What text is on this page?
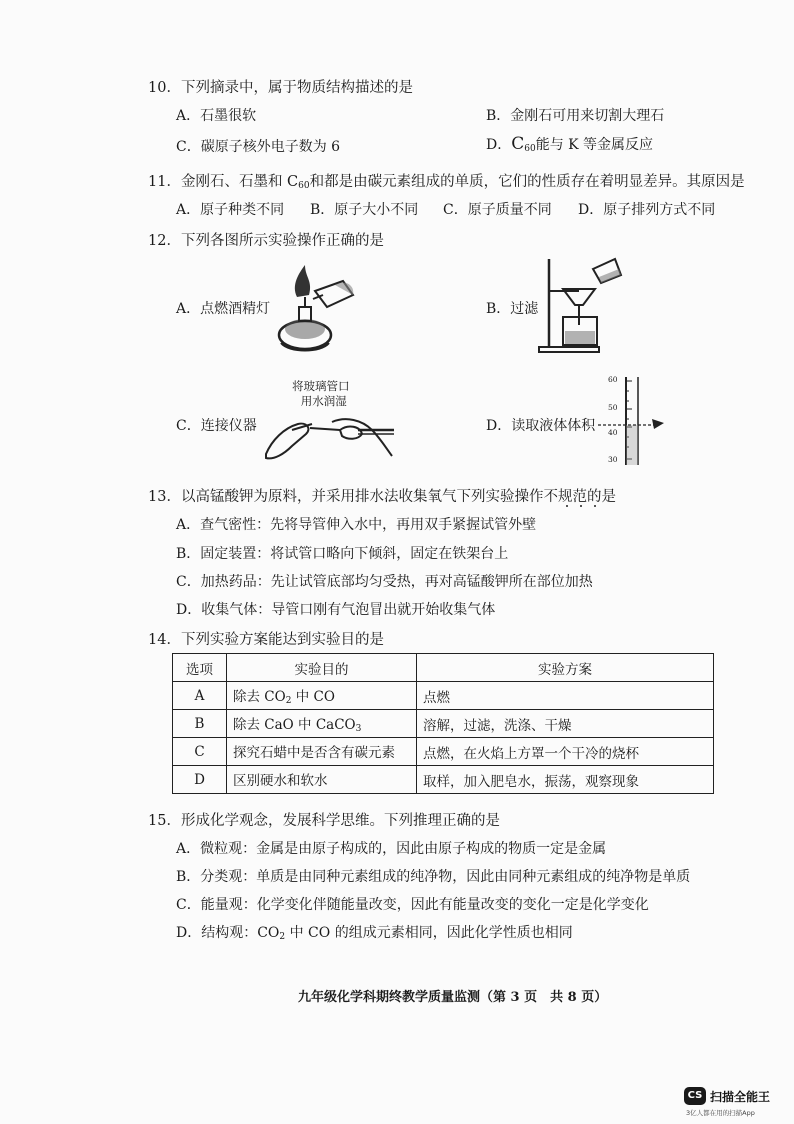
10．下列摘录中，属于物质结构描述的是
A．石墨很软	B．金刚石可用来切割大理石
C．碳原子核外电子数为 6	D．$C_{60}$能与 K 等金属反应
11．金刚石、石墨和 $C_{60}$和都是由碳元素组成的单质，它们的性质存在着明显差异。其原因是
A．原子种类不同 B．原子大小不同 C．原子质量不同 D．原子排列方式不同
12．下列各图所示实验操作正确的是
A．点燃酒精灯	B．过滤
C．连接仪器	D．读取液体体积
将玻璃管口
用水润湿
60
50
40
30
13．以高锰酸钾为原料，并采用排水法收集氧气下列实验操作不规范的是
A．查气密性：先将导管伸入水中，再用双手紧握试管外壁
B．固定装置：将试管口略向下倾斜，固定在铁架台上
C．加热药品：先让试管底部均匀受热，再对高锰酸钾所在部位加热
D．收集气体：导管口刚有气泡冒出就开始收集气体
14．下列实验方案能达到实验目的是
选项	实验目的	实验方案
A	除去 $CO_2$ 中 CO	点燃
B	除去 CaO 中 CaCO$_3$	溶解，过滤，洗涤、干燥
C	探究石蜡中是否含有碳元素	点燃，在火焰上方罩一个干冷的烧杯
D	区别硬水和软水	取样，加入肥皂水，振荡，观察现象
15．形成化学观念，发展科学思维。下列推理正确的是
A．微粒观：金属是由原子构成的，因此由原子构成的物质一定是金属
B．分类观：单质是由同种元素组成的纯净物，因此由同种元素组成的纯净物是单质
C．能量观：化学变化伴随能量改变，因此有能量改变的变化一定是化学变化
D．结构观：$CO_2$ 中 CO 的组成元素相同，因此化学性质也相同
九年级化学科期终教学质量监测（第 3 页　共 8 页）
CS 扫描全能王
3亿人都在用的扫描App
